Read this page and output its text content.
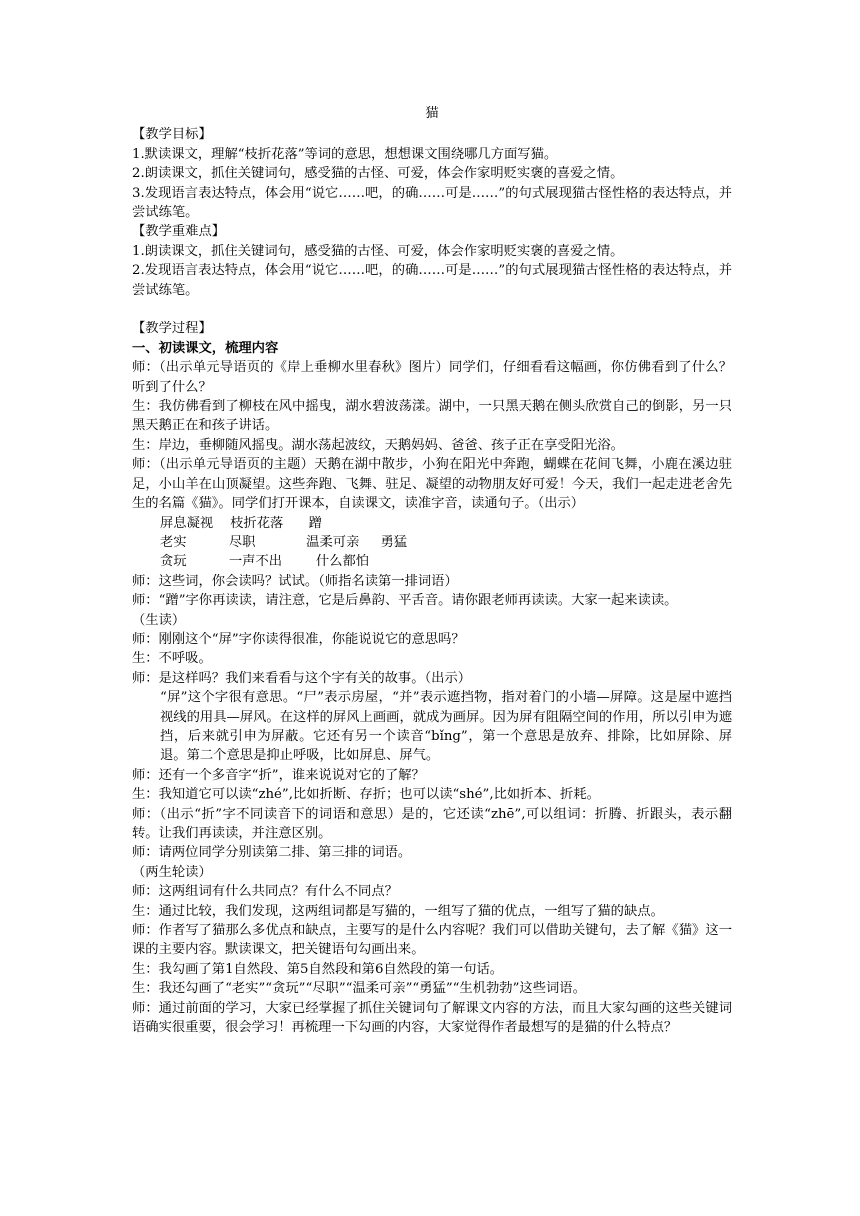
猫
【教学目标】
1.默读课文，理解“枝折花落”等词的意思，想想课文围绕哪几方面写猫。
2.朗读课文，抓住关键词句，感受猫的古怪、可爱，体会作家明贬实褒的喜爱之情。
3.发现语言表达特点，体会用“说它……吧，的确……可是……”的句式展现猫古怪性格的表达特点，并尝试练笔。
【教学重难点】
1.朗读课文，抓住关键词句，感受猫的古怪、可爱，体会作家明贬实褒的喜爱之情。
2.发现语言表达特点，体会用“说它……吧，的确……可是……”的句式展现猫古怪性格的表达特点，并尝试练笔。
【教学过程】
一、初读课文，梳理内容
师：（出示单元导语页的《岸上垂柳水里春秋》图片）同学们，仔细看看这幅画，你仿佛看到了什么？听到了什么？
生：我仿佛看到了柳枝在风中摇曳，湖水碧波荡漾。湖中，一只黑天鹅在侧头欣赏自己的倒影，另一只黑天鹅正在和孩子讲话。
生：岸边，垂柳随风摇曳。湖水荡起波纹，天鹅妈妈、爸爸、孩子正在享受阳光浴。
师：（出示单元导语页的主题）天鹅在湖中散步，小狗在阳光中奔跑，蝴蝶在花间飞舞，小鹿在溪边驻足，小山羊在山顶凝望。这些奔跑、飞舞、驻足、凝望的动物朋友好可爱！今天，我们一起走进老舍先生的名篇《猫》。同学们打开课本，自读课文，读准字音，读通句子。（出示）
屏息凝视    枝折花落      蹭
老实          尽职            温柔可亲     勇猛
贪玩          一声不出        什么都怕
师：这些词，你会读吗？试试。（师指名读第一排词语）
师：“蹭”字你再读读，请注意，它是后鼻韵、平舌音。请你跟老师再读读。大家一起来读读。
（生读）
师：刚刚这个“屏”字你读得很准，你能说说它的意思吗？
生：不呼吸。
师：是这样吗？我们来看看与这个字有关的故事。（出示）
“屏”这个字很有意思。“尸”表示房屋，“并”表示遮挡物，指对着门的小墙—屏障。这是屋中遮挡视线的用具—屏风。在这样的屏风上画画，就成为画屏。因为屏有阻隔空间的作用，所以引申为遮挡，后来就引申为屏蔽。它还有另一个读音“bǐng”，第一个意思是放弃、排除，比如屏除、屏退。第二个意思是抑止呼吸，比如屏息、屏气。
师：还有一个多音字“折”，谁来说说对它的了解？
生：我知道它可以读“zhé”,比如折断、存折；也可以读“shé”,比如折本、折耗。
师：（出示“折”字不同读音下的词语和意思）是的，它还读“zhē”,可以组词：折腾、折跟头，表示翻转。让我们再读读，并注意区别。
师：请两位同学分别读第二排、第三排的词语。
（两生轮读）
师：这两组词有什么共同点？有什么不同点？
生：通过比较，我们发现，这两组词都是写猫的，一组写了猫的优点，一组写了猫的缺点。
师：作者写了猫那么多优点和缺点，主要写的是什么内容呢？我们可以借助关键句，去了解《猫》这一课的主要内容。默读课文，把关键语句勾画出来。
生：我勾画了第1自然段、第5自然段和第6自然段的第一句话。
生：我还勾画了“老实”“贪玩”“尽职”“温柔可亲”“勇猛”“生机勃勃”这些词语。
师：通过前面的学习，大家已经掌握了抓住关键词句了解课文内容的方法，而且大家勾画的这些关键词语确实很重要，很会学习！再梳理一下勾画的内容，大家觉得作者最想写的是猫的什么特点？
